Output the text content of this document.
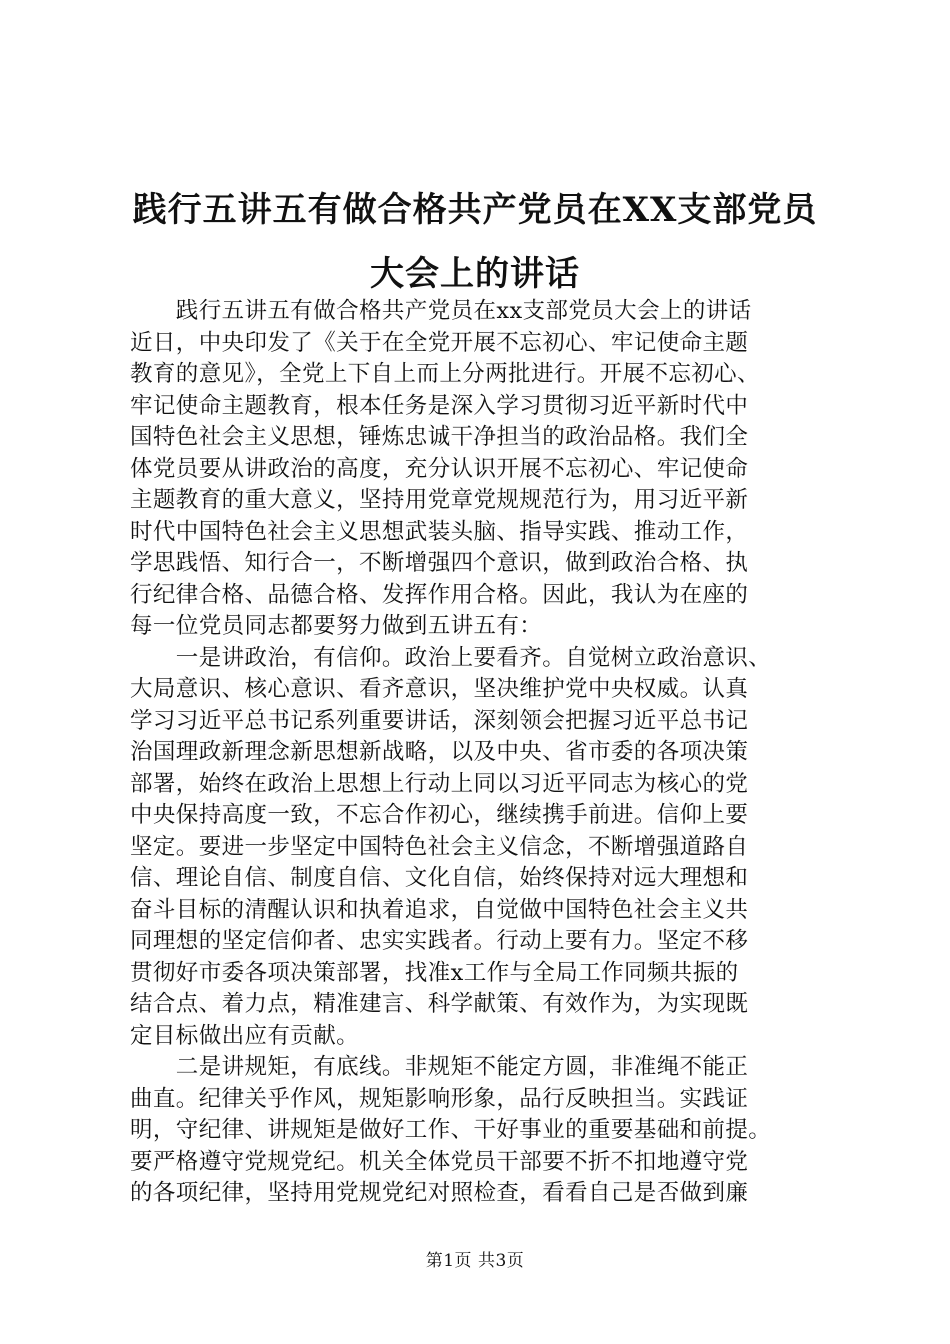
践行五讲五有做合格共产党员在XX支部党员
大会上的讲话
　　践行五讲五有做合格共产党员在xx支部党员大会上的讲话
近日，中央印发了《关于在全党开展不忘初心、牢记使命主题
教育的意见》，全党上下自上而上分两批进行。开展不忘初心、
牢记使命主题教育，根本任务是深入学习贯彻习近平新时代中
国特色社会主义思想，锤炼忠诚干净担当的政治品格。我们全
体党员要从讲政治的高度，充分认识开展不忘初心、牢记使命
主题教育的重大意义，坚持用党章党规规范行为，用习近平新
时代中国特色社会主义思想武装头脑、指导实践、推动工作，
学思践悟、知行合一，不断增强四个意识，做到政治合格、执
行纪律合格、品德合格、发挥作用合格。因此，我认为在座的
每一位党员同志都要努力做到五讲五有：
　　一是讲政治，有信仰。政治上要看齐。自觉树立政治意识、
大局意识、核心意识、看齐意识，坚决维护党中央权威。认真
学习习近平总书记系列重要讲话，深刻领会把握习近平总书记
治国理政新理念新思想新战略，以及中央、省市委的各项决策
部署，始终在政治上思想上行动上同以习近平同志为核心的党
中央保持高度一致，不忘合作初心，继续携手前进。信仰上要
坚定。要进一步坚定中国特色社会主义信念，不断增强道路自
信、理论自信、制度自信、文化自信，始终保持对远大理想和
奋斗目标的清醒认识和执着追求，自觉做中国特色社会主义共
同理想的坚定信仰者、忠实实践者。行动上要有力。坚定不移
贯彻好市委各项决策部署，找准x工作与全局工作同频共振的
结合点、着力点，精准建言、科学献策、有效作为，为实现既
定目标做出应有贡献。
　　二是讲规矩，有底线。非规矩不能定方圆，非准绳不能正
曲直。纪律关乎作风，规矩影响形象，品行反映担当。实践证
明，守纪律、讲规矩是做好工作、干好事业的重要基础和前提。
要严格遵守党规党纪。机关全体党员干部要不折不扣地遵守党
的各项纪律，坚持用党规党纪对照检查，看看自己是否做到廉
第1页 共3页
